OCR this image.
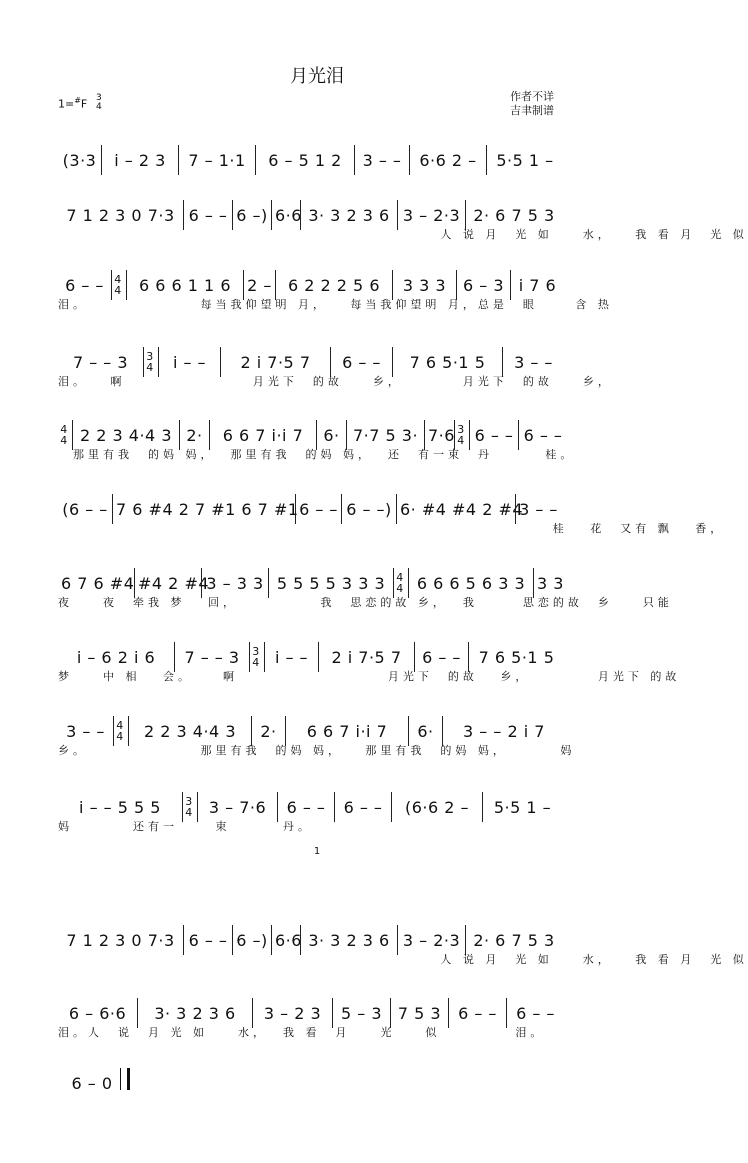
月光泪
作者不详
吉聿制谱
1=#F 3
4
(3·3	i – 2 3	7 – 1·1	6 – 5 1 2	3 – –	6·6 2 –	5·5 1 –
7 1 2 3 0 7·3 6 – – 6 –) 6·6 3· 3 2 3 6 3 – 2·3 2· 6 7 5 3
人 说 月  光 如    水，   我 看 月  光 似
6 – – 4
4	6 6 6 1 1 6	2 –	6 2 2 2 5 6	3 3 3	6 – 3 i 7 6
泪。               每当我仰望明 月，   每当我仰望明 月，总是  眼     含 热
7 – – 3	3
4	i – –	2 i 7·5 7	6 – –	7 6 5·1 5	3 – –
泪。   啊                 月光下  的故    乡，        月光下  的故    乡，
4
4 2 2 3 4·4 3 2·	6 6 7 i·i 7	6· 7·7 5 3· 7·6 3
4 6 – – 6 – –
那里有我  的妈 妈，  那里有我  的妈 妈，  还  有一束  丹       桂。
(6 – – 7 6 #4 2 7 #1 6 7 #1 6 – – 6 – –) 6· #4 #4 2 #4
3 – –
桂   花  又有 飘   香，
6 7 6 #4 #4 2 #4
3 – 3 3 5 5 5 5 3 3 3	4
4 6 6 6 5 6 3 3 3 3
夜    夜  牵我 梦   回，           我  思恋的故 乡，  我      思恋的故  乡    只能
i – 6 2 i 6	7 – – 3	3
4 i – –	2 i 7·5 7	6 – –	7 6 5·1 5
梦    中 相   会。    啊                    月光下  的故   乡，         月光下 的故
3 – –	4
4	2 2 3 4·4 3	2·	6 6 7 i·i 7	6·	3 – – 2 i 7
乡。               那里有我  的妈 妈，   那里有我  的妈 妈，       妈
i – – 5 5 5	3
4	3 – 7·6	6 – –	6 – –	(6·6 2 –	5·5 1 –
妈        还有一     束       丹。
7 1 2 3 0 7·3 6 – – 6 –) 6·6 3· 3 2 3 6 3 – 2·3 2· 6 7 5 3
人 说 月  光 如    水，   我 看 月  光 似
6 – 6·6	3· 3 2 3 6	3 – 2 3	5 – 3 7 5 3	6 – –	6 – –
泪。人  说  月 光 如    水，  我 看  月    光    似          泪。
6 – 0
1
